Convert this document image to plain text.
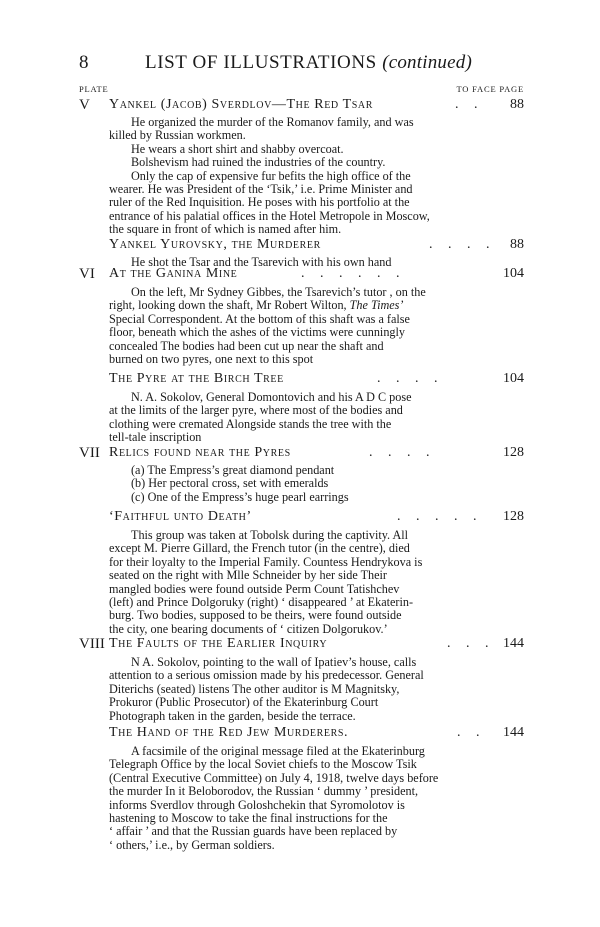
8	LIST OF ILLUSTRATIONS (continued)
PLATE	TO FACE PAGE
V Yankel (Jacob) Sverdlov—The Red Tsar	. . 88
He organized the murder of the Romanov family, and was
killed by Russian workmen.
He wears a short shirt and shabby overcoat.
Bolshevism had ruined the industries of the country.
Only the cap of expensive fur befits the high office of the
wearer. He was President of the ‘Tsik,’ i.e. Prime Minister and
ruler of the Red Inquisition. He poses with his portfolio at the
entrance of his palatial offices in the Hotel Metropole in Moscow,
the square in front of which is named after him.
Yankel Yurovsky, the Murderer	. . . . 88
He shot the Tsar and the Tsarevich with his own hand
VI At the Ganina Mine	. . . . . .	104
On the left, Mr Sydney Gibbes, the Tsarevich’s tutor , on the
right, looking down the shaft, Mr Robert Wilton, The Times’
Special Correspondent. At the bottom of this shaft was a false
floor, beneath which the ashes of the victims were cunningly
concealed The bodies had been cut up near the shaft and
burned on two pyres, one next to this spot
The Pyre at the Birch Tree	. . . .	104
N. A. Sokolov, General Domontovich and his A D C pose
at the limits of the larger pyre, where most of the bodies and
clothing were cremated Alongside stands the tree with the
tell-tale inscription
VII Relics found near the Pyres	. . . .	128
(a) The Empress’s great diamond pendant
(b) Her pectoral cross, set with emeralds
(c) One of the Empress’s huge pearl earrings
‘Faithful unto Death’	. . . . . 128
This group was taken at Tobolsk during the captivity. All
except M. Pierre Gillard, the French tutor (in the centre), died
for their loyalty to the Imperial Family. Countess Hendrykova is
seated on the right with Mlle Schneider by her side Their
mangled bodies were found outside Perm Count Tatishchev
(left) and Prince Dolgoruky (right) ‘ disappeared ’ at Ekaterin-
burg. Two bodies, supposed to be theirs, were found outside
the city, one bearing documents of ‘ citizen Dolgorukov.’
VIII The Faults of the Earlier Inquiry	. . . 144
N A. Sokolov, pointing to the wall of Ipatiev’s house, calls
attention to a serious omission made by his predecessor. General
Diterichs (seated) listens The other auditor is M Magnitsky,
Prokuror (Public Prosecutor) of the Ekaterinburg Court
Photograph taken in the garden, beside the terrace.
The Hand of the Red Jew Murderers.	. . 144
A facsimile of the original message filed at the Ekaterinburg
Telegraph Office by the local Soviet chiefs to the Moscow Tsik
(Central Executive Committee) on July 4, 1918, twelve days before
the murder In it Beloborodov, the Russian ‘ dummy ’ president,
informs Sverdlov through Goloshchekin that Syromolotov is
hastening to Moscow to take the final instructions for the
‘ affair ’ and that the Russian guards have been replaced by
‘ others,’ i.e., by German soldiers.
